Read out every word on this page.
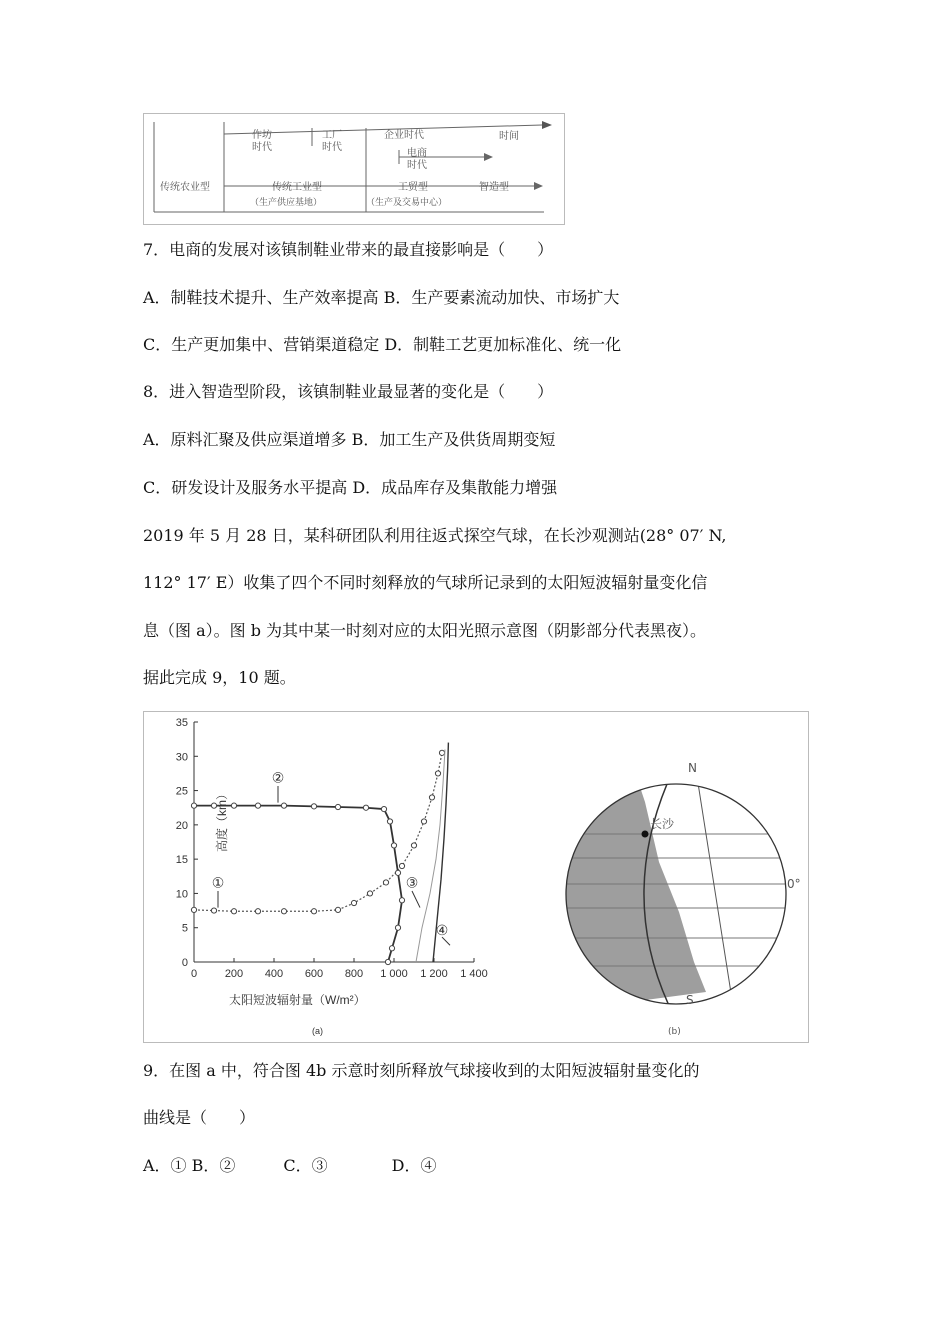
时间
作坊时代
工厂时代
企业时代
电商时代
传统农业型	传统工业型	工贸型	智造型
（生产供应基地）	（生产及交易中心）
7．电商的发展对该镇制鞋业带来的最直接影响是（　　）
A．制鞋技术提升、生产效率提高 B．生产要素流动加快、市场扩大
C．生产更加集中、营销渠道稳定 D．制鞋工艺更加标准化、统一化
8．进入智造型阶段，该镇制鞋业最显著的变化是（　　）
A．原料汇聚及供应渠道增多 B．加工生产及供货周期变短
C．研发设计及服务水平提高 D．成品库存及集散能力增强
2019 年 5 月 28 日，某科研团队利用往返式探空气球，在长沙观测站(28° 07′ N,
112° 17′ E）收集了四个不同时刻释放的气球所记录到的太阳短波辐射量变化信
息（图 a）。图 b 为其中某一时刻对应的太阳光照示意图（阴影部分代表黑夜）。
据此完成 9，10 题。
0	200 400 600 800 1 000 1 200 1 400
0
5
10
15
20
25
30
35
①
②
③
④
高度（km）
太阳短波辐射量（W/m²）
(a)
长沙
N
S
0°
(b)
9．在图 a 中，符合图 4b 示意时刻所释放气球接收到的太阳短波辐射量变化的
曲线是（　　）
A．① B．②　　　C．③　　　　D．④
